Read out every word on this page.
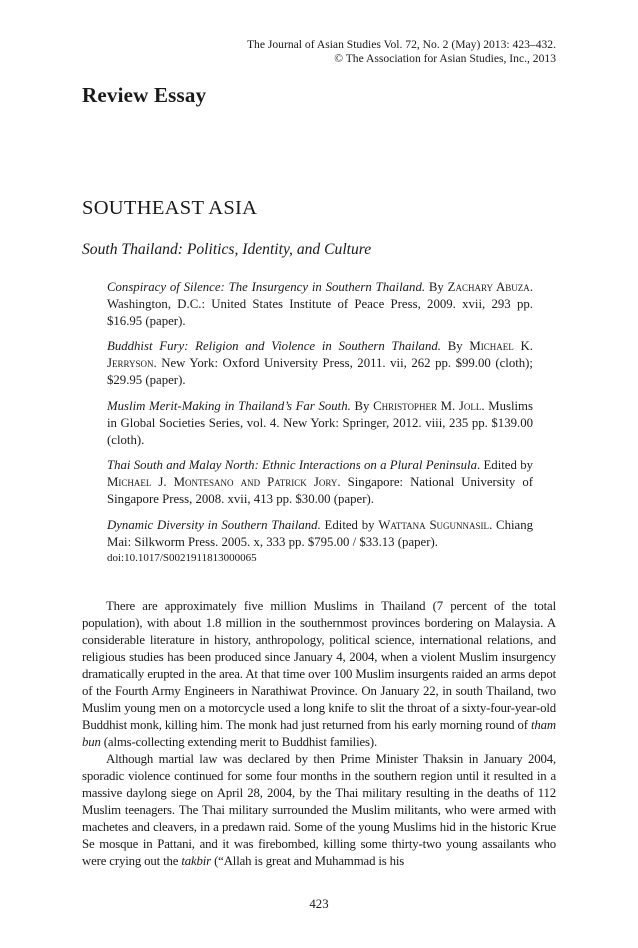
The Journal of Asian Studies Vol. 72, No. 2 (May) 2013: 423–432.
© The Association for Asian Studies, Inc., 2013
Review Essay
SOUTHEAST ASIA
South Thailand: Politics, Identity, and Culture
Conspiracy of Silence: The Insurgency in Southern Thailand. By Zachary Abuza. Washington, D.C.: United States Institute of Peace Press, 2009. xvii, 293 pp. $16.95 (paper).
Buddhist Fury: Religion and Violence in Southern Thailand. By Michael K. Jerryson. New York: Oxford University Press, 2011. vii, 262 pp. $99.00 (cloth); $29.95 (paper).
Muslim Merit-Making in Thailand’s Far South. By Christopher M. Joll. Muslims in Global Societies Series, vol. 4. New York: Springer, 2012. viii, 235 pp. $139.00 (cloth).
Thai South and Malay North: Ethnic Interactions on a Plural Peninsula. Edited by Michael J. Montesano and Patrick Jory. Singapore: National University of Singapore Press, 2008. xvii, 413 pp. $30.00 (paper).
Dynamic Diversity in Southern Thailand. Edited by Wattana Sugunnasil. Chiang Mai: Silkworm Press. 2005. x, 333 pp. $795.00 / $33.13 (paper).
doi:10.1017/S0021911813000065

There are approximately five million Muslims in Thailand (7 percent of the total population), with about 1.8 million in the southernmost provinces bordering on Malaysia. A considerable literature in history, anthropology, political science, international relations, and religious studies has been produced since January 4, 2004, when a violent Muslim insurgency dramatically erupted in the area. At that time over 100 Muslim insurgents raided an arms depot of the Fourth Army Engineers in Narathiwat Province. On January 22, in south Thailand, two Muslim young men on a motorcycle used a long knife to slit the throat of a sixty-four-year-old Buddhist monk, killing him. The monk had just returned from his early morning round of tham bun (alms-collecting extending merit to Buddhist families).

Although martial law was declared by then Prime Minister Thaksin in January 2004, sporadic violence continued for some four months in the southern region until it resulted in a massive daylong siege on April 28, 2004, by the Thai military resulting in the deaths of 112 Muslim teenagers. The Thai military surrounded the Muslim militants, who were armed with machetes and cleavers, in a predawn raid. Some of the young Muslims hid in the historic Krue Se mosque in Pattani, and it was firebombed, killing some thirty-two young assailants who were crying out the takbir (“Allah is great and Muhammad is his

423
